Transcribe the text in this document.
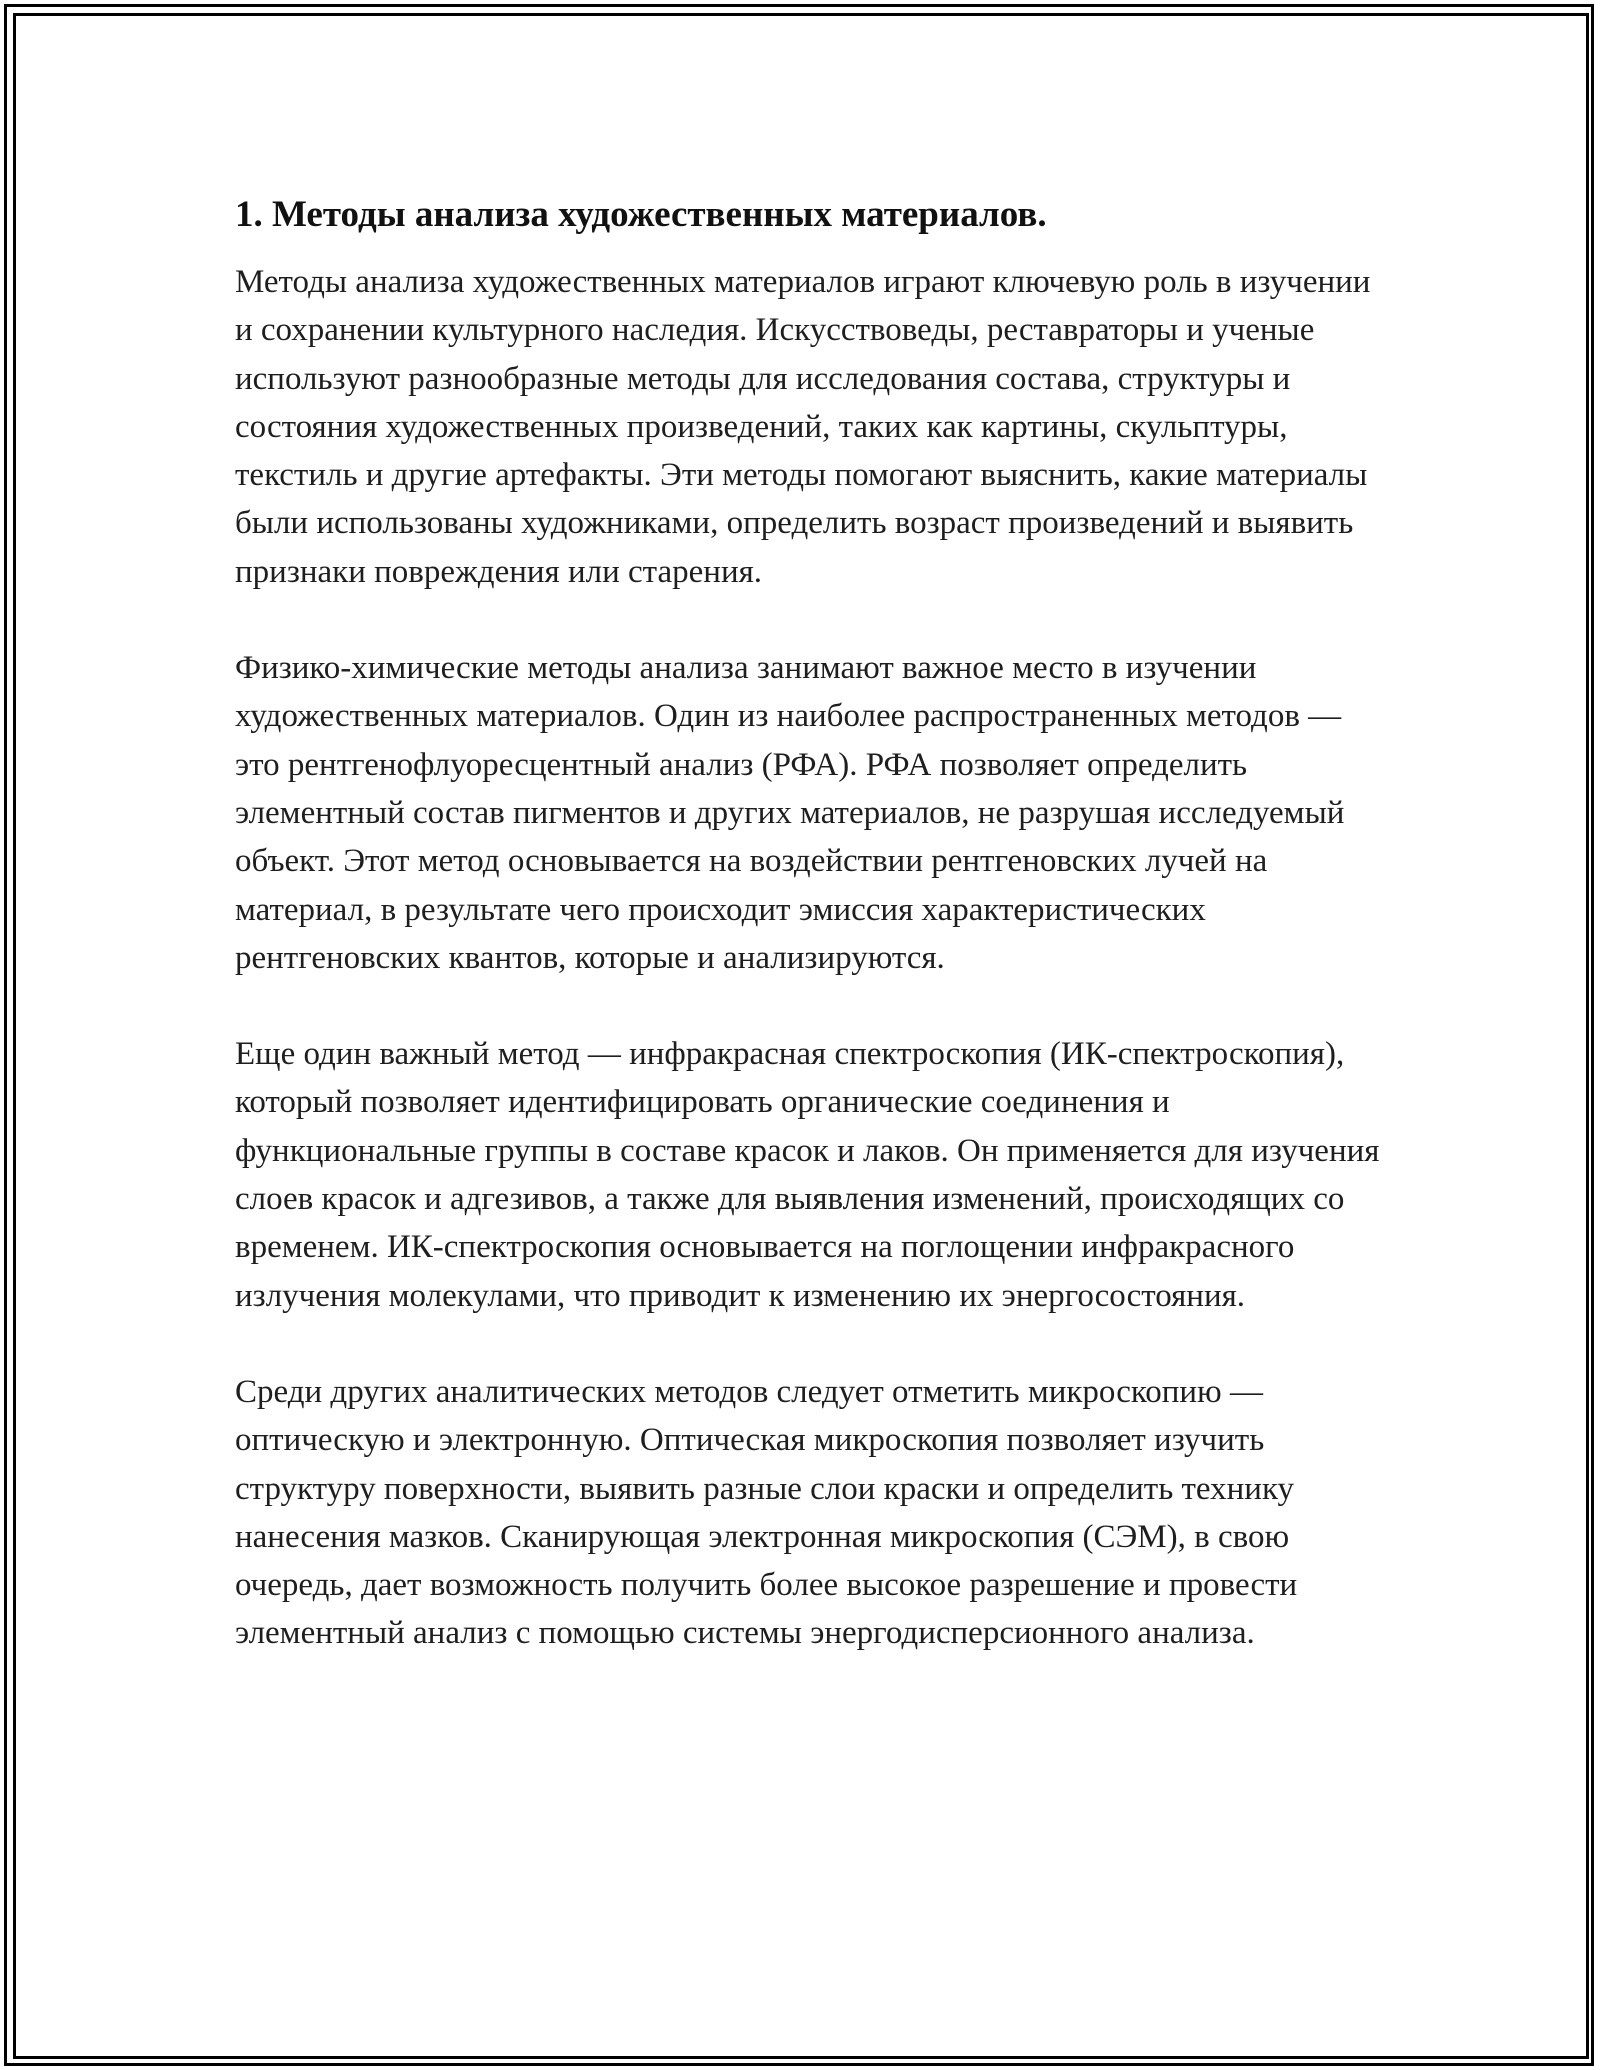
1. Методы анализа художественных материалов.

Методы анализа художественных материалов играют ключевую роль в изучении и сохранении культурного наследия. Искусствоведы, реставраторы и ученые используют разнообразные методы для исследования состава, структуры и состояния художественных произведений, таких как картины, скульптуры, текстиль и другие артефакты. Эти методы помогают выяснить, какие материалы были использованы художниками, определить возраст произведений и выявить признаки повреждения или старения.

Физико-химические методы анализа занимают важное место в изучении художественных материалов. Один из наиболее распространенных методов — это рентгенофлуоресцентный анализ (РФА). РФА позволяет определить элементный состав пигментов и других материалов, не разрушая исследуемый объект. Этот метод основывается на воздействии рентгеновских лучей на материал, в результате чего происходит эмиссия характеристических рентгеновских квантов, которые и анализируются.

Еще один важный метод — инфракрасная спектроскопия (ИК-спектроскопия), который позволяет идентифицировать органические соединения и функциональные группы в составе красок и лаков. Он применяется для изучения слоев красок и адгезивов, а также для выявления изменений, происходящих со временем. ИК-спектроскопия основывается на поглощении инфракрасного излучения молекулами, что приводит к изменению их энергосостояния.

Среди других аналитических методов следует отметить микроскопию — оптическую и электронную. Оптическая микроскопия позволяет изучить структуру поверхности, выявить разные слои краски и определить технику нанесения мазков. Сканирующая электронная микроскопия (СЭМ), в свою очередь, дает возможность получить более высокое разрешение и провести элементный анализ с помощью системы энергодисперсионного анализа.
